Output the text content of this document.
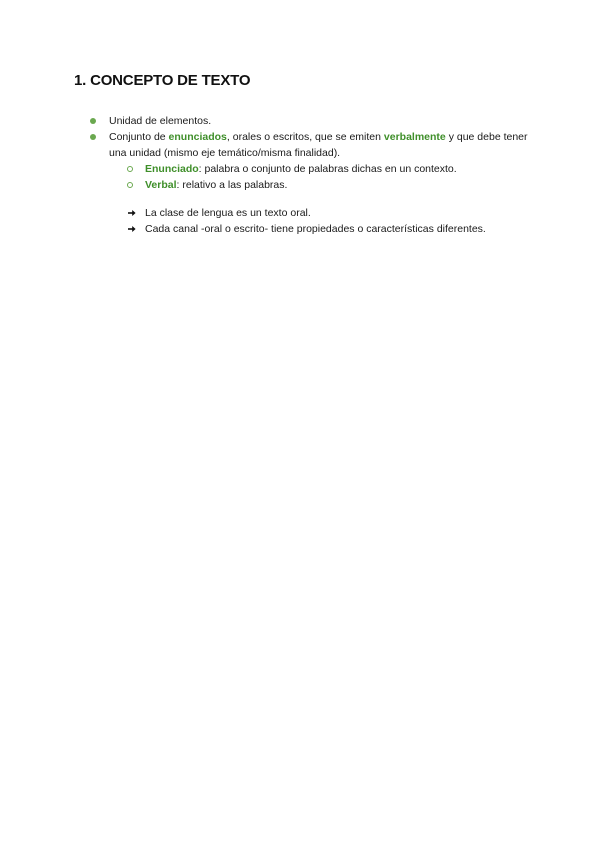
1. CONCEPTO DE TEXTO
Unidad de elementos.
Conjunto de enunciados, orales o escritos, que se emiten verbalmente y que debe tener una unidad (mismo eje temático/misma finalidad).
Enunciado: palabra o conjunto de palabras dichas en un contexto.
Verbal: relativo a las palabras.
La clase de lengua es un texto oral.
Cada canal -oral o escrito- tiene propiedades o características diferentes.
